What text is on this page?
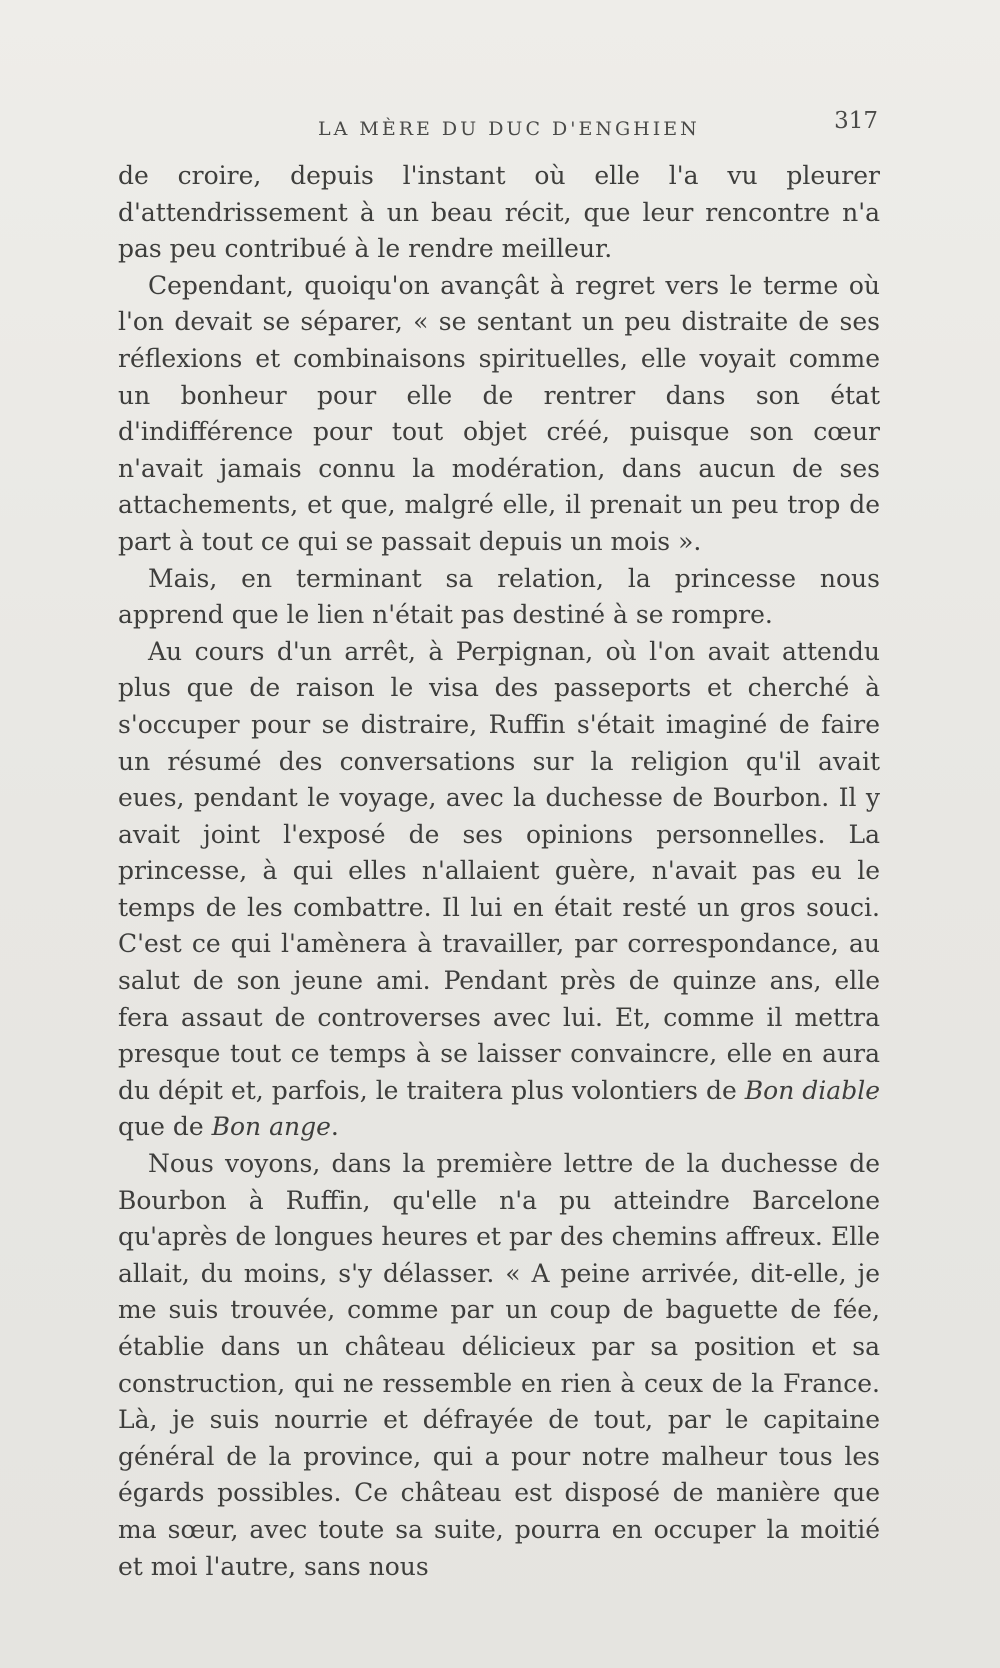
LA MÈRE DU DUC D'ENGHIEN	317

de croire, depuis l'instant où elle l'a vu pleurer d'attendrissement à un beau récit, que leur rencontre n'a pas peu contribué à le rendre meilleur.

Cependant, quoiqu'on avançât à regret vers le terme où l'on devait se séparer, « se sentant un peu distraite de ses réflexions et combinaisons spirituelles, elle voyait comme un bonheur pour elle de rentrer dans son état d'indifférence pour tout objet créé, puisque son cœur n'avait jamais connu la modération, dans aucun de ses attachements, et que, malgré elle, il prenait un peu trop de part à tout ce qui se passait depuis un mois ».

Mais, en terminant sa relation, la princesse nous apprend que le lien n'était pas destiné à se rompre.

Au cours d'un arrêt, à Perpignan, où l'on avait attendu plus que de raison le visa des passeports et cherché à s'occuper pour se distraire, Ruffin s'était imaginé de faire un résumé des conversations sur la religion qu'il avait eues, pendant le voyage, avec la duchesse de Bourbon. Il y avait joint l'exposé de ses opinions personnelles. La princesse, à qui elles n'allaient guère, n'avait pas eu le temps de les combattre. Il lui en était resté un gros souci. C'est ce qui l'amènera à travailler, par correspondance, au salut de son jeune ami. Pendant près de quinze ans, elle fera assaut de controverses avec lui. Et, comme il mettra presque tout ce temps à se laisser convaincre, elle en aura du dépit et, parfois, le traitera plus volontiers de Bon diable que de Bon ange.

Nous voyons, dans la première lettre de la duchesse de Bourbon à Ruffin, qu'elle n'a pu atteindre Barcelone qu'après de longues heures et par des chemins affreux. Elle allait, du moins, s'y délasser. « A peine arrivée, dit-elle, je me suis trouvée, comme par un coup de baguette de fée, établie dans un château délicieux par sa position et sa construction, qui ne ressemble en rien à ceux de la France. Là, je suis nourrie et défrayée de tout, par le capitaine général de la province, qui a pour notre malheur tous les égards possibles. Ce château est disposé de manière que ma sœur, avec toute sa suite, pourra en occuper la moitié et moi l'autre, sans nous
